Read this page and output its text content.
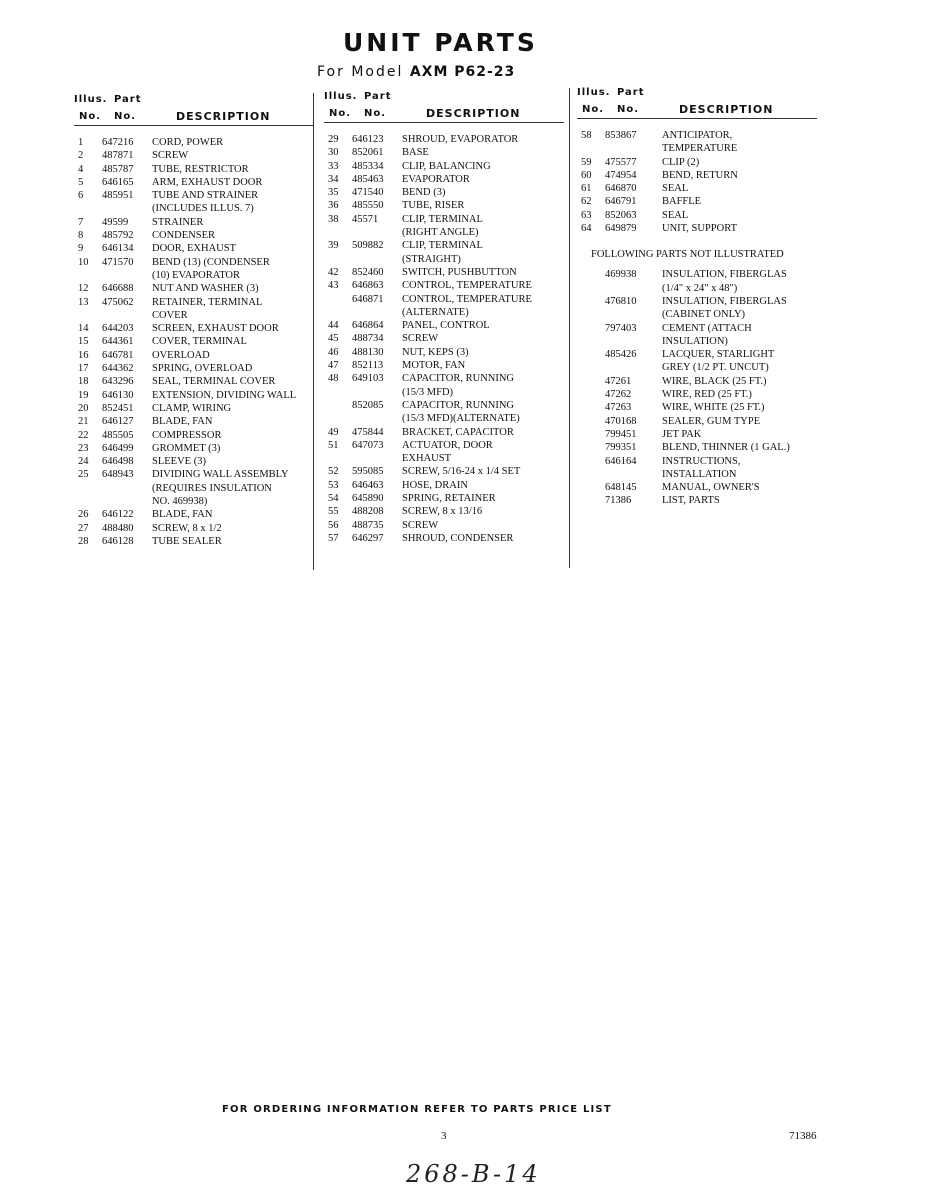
UNIT PARTS
For Model AXM P62-23
Illus. Part
No. No.	DESCRIPTION
1 647216 CORD, POWER
2 487871 SCREW
4 485787 TUBE, RESTRICTOR
5 646165 ARM, EXHAUST DOOR
6 485951 TUBE AND STRAINER
(INCLUDES ILLUS. 7)
7 49599 STRAINER
8 485792 CONDENSER
9 646134 DOOR, EXHAUST
10 471570 BEND (13) (CONDENSER
(10) EVAPORATOR
12 646688 NUT AND WASHER (3)
13 475062 RETAINER, TERMINAL
COVER
14 644203 SCREEN, EXHAUST DOOR
15 644361 COVER, TERMINAL
16 646781 OVERLOAD
17 644362 SPRING, OVERLOAD
18 643296 SEAL, TERMINAL COVER
19 646130 EXTENSION, DIVIDING WALL
20 852451 CLAMP, WIRING
21 646127 BLADE, FAN
22 485505 COMPRESSOR
23 646499 GROMMET (3)
24 646498 SLEEVE (3)
25 648943 DIVIDING WALL ASSEMBLY
(REQUIRES INSULATION
NO. 469938)
26 646122 BLADE, FAN
27 488480 SCREW, 8 x 1/2
28 646128 TUBE SEALER
Illus. Part
No. No.	DESCRIPTION
29 646123 SHROUD, EVAPORATOR
30 852061 BASE
33 485334 CLIP, BALANCING
34 485463 EVAPORATOR
35 471540 BEND (3)
36 485550 TUBE, RISER
38 45571 CLIP, TERMINAL
(RIGHT ANGLE)
39 509882 CLIP, TERMINAL
(STRAIGHT)
42 852460 SWITCH, PUSHBUTTON
43 646863 CONTROL, TEMPERATURE
646871 CONTROL, TEMPERATURE
(ALTERNATE)
44 646864 PANEL, CONTROL
45 488734 SCREW
46 488130 NUT, KEPS (3)
47 852113 MOTOR, FAN
48 649103 CAPACITOR, RUNNING
(15/3 MFD)
852085 CAPACITOR, RUNNING
(15/3 MFD)(ALTERNATE)
49 475844 BRACKET, CAPACITOR
51 647073 ACTUATOR, DOOR
EXHAUST
52 595085 SCREW, 5/16-24 x 1/4 SET
53 646463 HOSE, DRAIN
54 645890 SPRING, RETAINER
55 488208 SCREW, 8 x 13/16
56 488735 SCREW
57 646297 SHROUD, CONDENSER
Illus. Part
No. No.	DESCRIPTION
58 853867 ANTICIPATOR,
TEMPERATURE
59 475577 CLIP (2)
60 474954 BEND, RETURN
61 646870 SEAL
62 646791 BAFFLE
63 852063 SEAL
64 649879 UNIT, SUPPORT
FOLLOWING PARTS NOT ILLUSTRATED
469938 INSULATION, FIBERGLAS
(1/4" x 24" x 48")
476810 INSULATION, FIBERGLAS
(CABINET ONLY)
797403 CEMENT (ATTACH
INSULATION)
485426 LACQUER, STARLIGHT
GREY (1/2 PT. UNCUT)
47261	WIRE, BLACK (25 FT.)
47262	WIRE, RED (25 FT.)
47263	WIRE, WHITE (25 FT.)
470168 SEALER, GUM TYPE
799451 JET PAK
799351 BLEND, THINNER (1 GAL.)
646164 INSTRUCTIONS,
INSTALLATION
648145 MANUAL, OWNER'S
71386	LIST, PARTS
FOR ORDERING INFORMATION REFER TO PARTS PRICE LIST
3	71386
268-B-14
